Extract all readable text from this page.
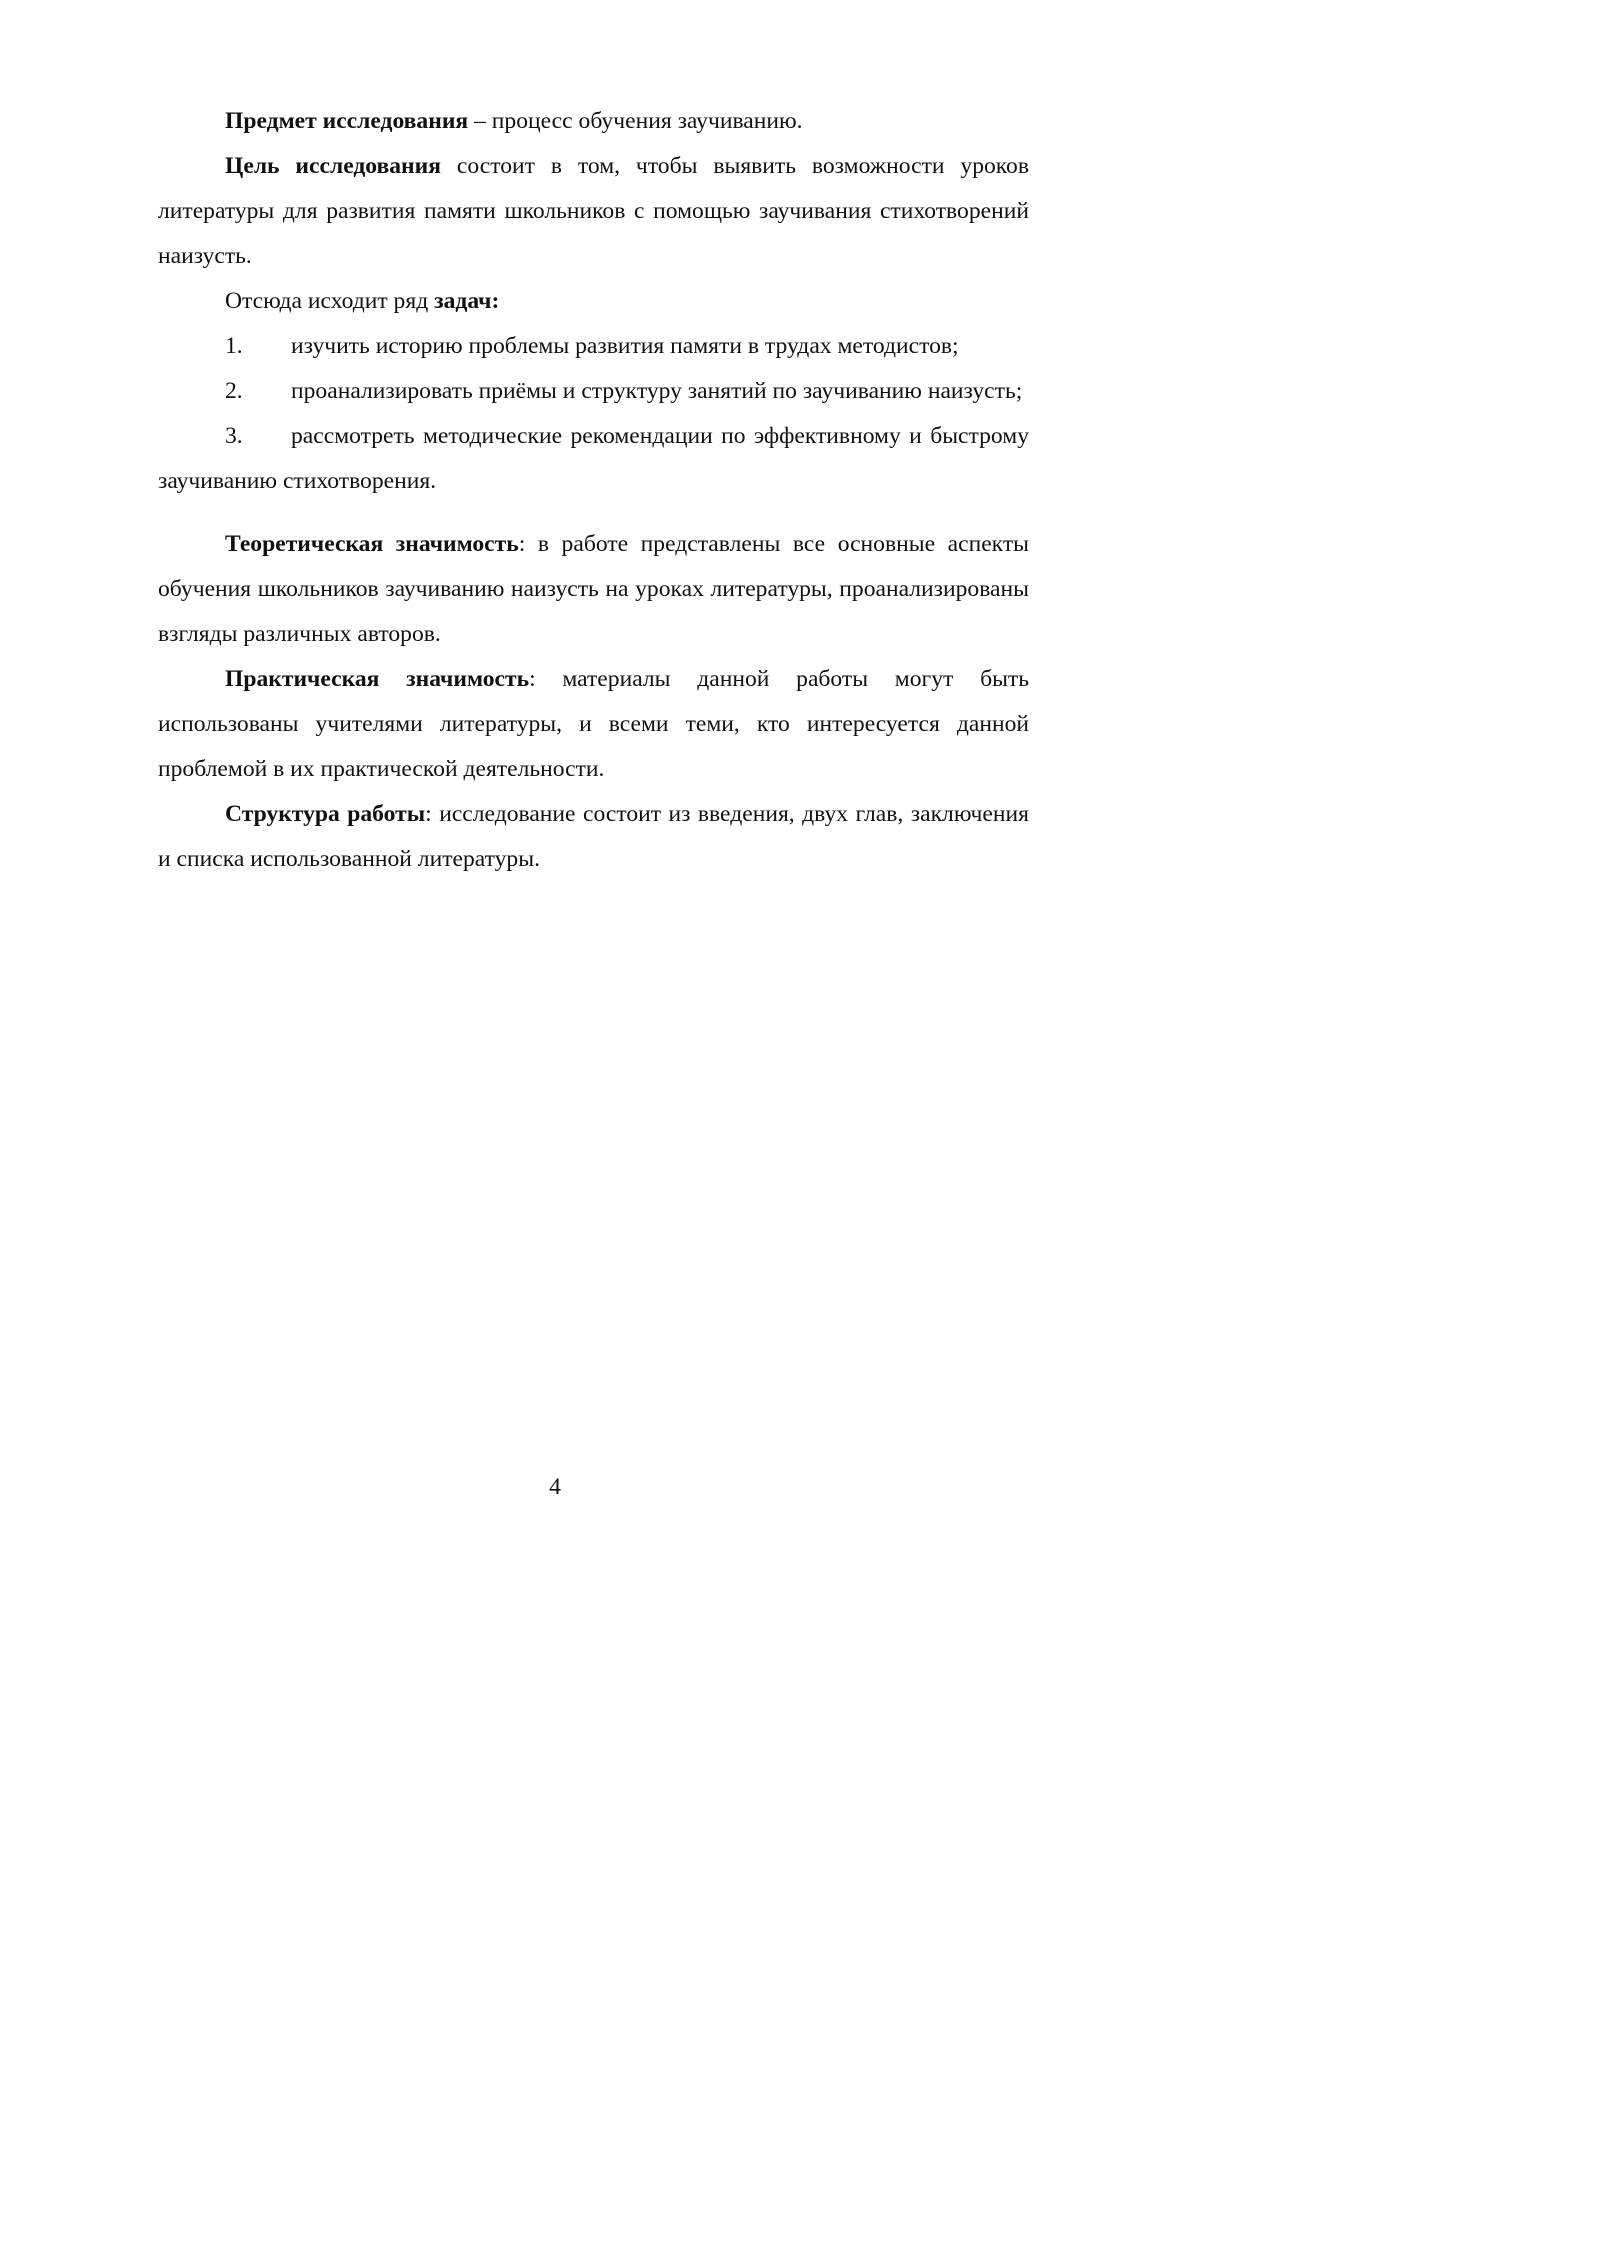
Предмет исследования – процесс обучения заучиванию.

Цель исследования состоит в том, чтобы выявить возможности уроков литературы для развития памяти школьников с помощью заучивания стихотворений наизусть.

Отсюда исходит ряд задач:

1. изучить историю проблемы развития памяти в трудах методистов;

2. проанализировать приёмы и структуру занятий по заучиванию наизусть;

3. рассмотреть методические рекомендации по эффективному и быстрому заучиванию стихотворения.

Теоретическая значимость: в работе представлены все основные аспекты обучения школьников заучиванию наизусть на уроках литературы, проанализированы взгляды различных авторов.

Практическая значимость: материалы данной работы могут быть использованы учителями литературы, и всеми теми, кто интересуется данной проблемой в их практической деятельности.

Структура работы: исследование состоит из введения, двух глав, заключения и списка использованной литературы.

4
